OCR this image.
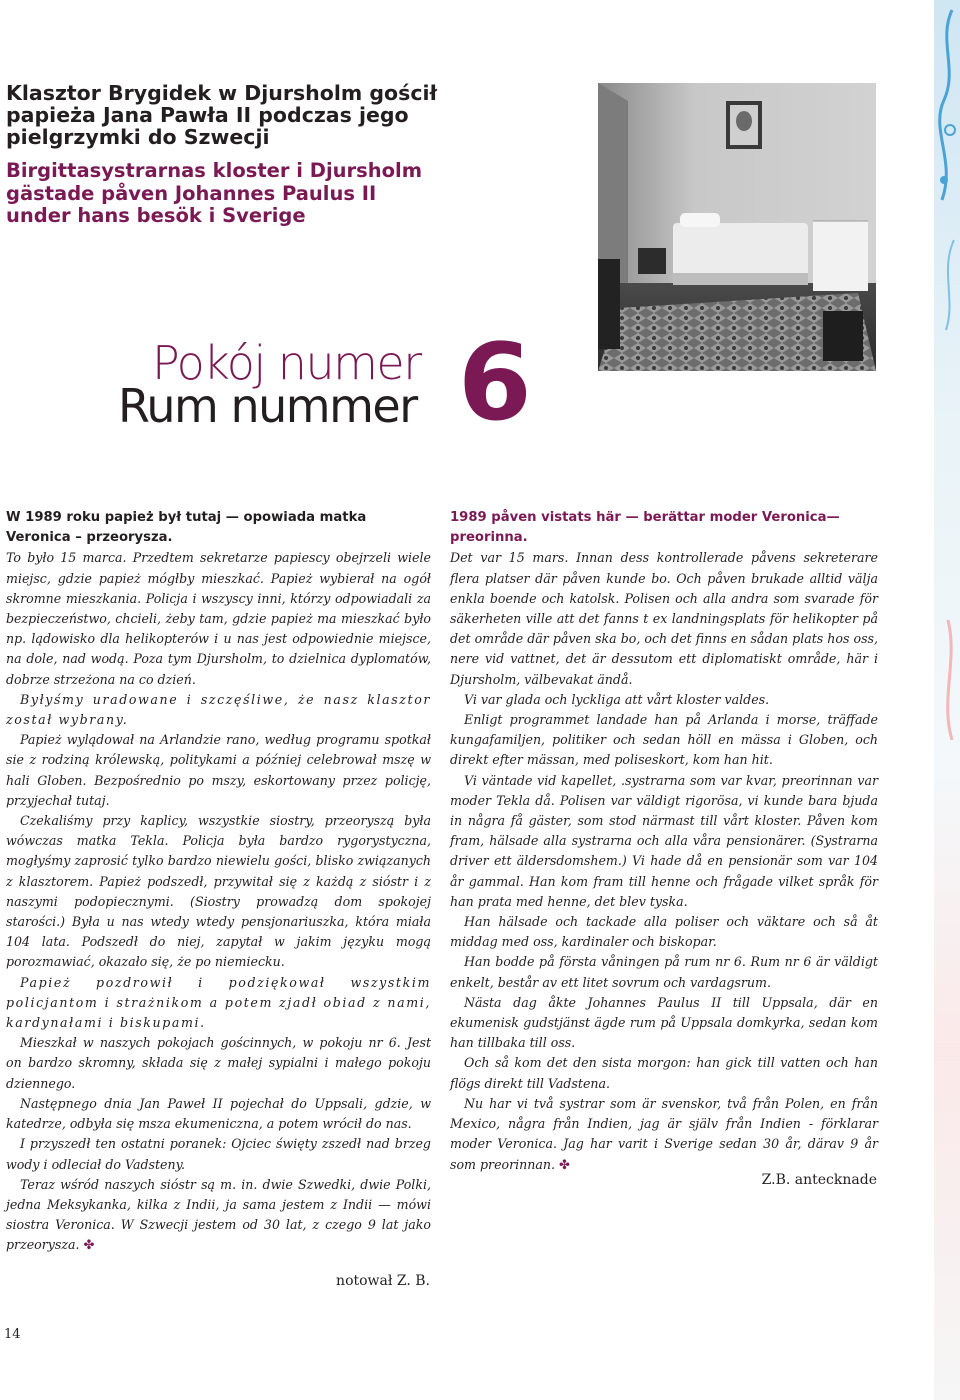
Klasztor Brygidek w Djursholm gościł papieża Jana Pawła II podczas jego pielgrzymki do Szwecji
Birgittasystrarnas kloster i Djursholm gästade påven Johannes Paulus II under hans besök i Sverige
Pokój numer
Rum nummer 6
W 1989 roku papież był tutaj — opowiada matka Veronica – przeorysza.

To było 15 marca. Przedtem sekretarze papiescy obejrzeli wiele miejsc, gdzie papież mógłby mieszkać. Papież wybierał na ogół skromne mieszkania. Policja i wszyscy inni, którzy odpowiadali za bezpieczeństwo, chcieli, żeby tam, gdzie papież ma mieszkać było np. lądowisko dla helikopterów i u nas jest odpowiednie miejsce, na dole, nad wodą. Poza tym Djursholm, to dzielnica dyplomatów, dobrze strzeżona na co dzień.

Byłyśmy uradowane i szczęśliwe, że nasz klasztor został wybrany.

Papież wylądował na Arlandzie rano, według programu spotkał sie z rodziną królewską, politykami a później celebrował mszę w hali Globen. Bezpośrednio po mszy, eskortowany przez policję, przyjechał tutaj.

Czekaliśmy przy kaplicy, wszystkie siostry, przeoryszą była wówczas matka Tekla. Policja była bardzo rygorystyczna, mogłyśmy zaprosić tylko bardzo niewielu gości, blisko związanych z klasztorem. Papież podszedł, przywitał się z każdą z sióstr i z naszymi podopiecznymi. (Siostry prowadzą dom spokojej starości.) Była u nas wtedy wtedy pensjonariuszka, która miała 104 lata. Podszedł do niej, zapytał w jakim języku mogą porozmawiać, okazało się, że po niemiecku.

Papież pozdrowił i podziękował wszystkim policjantom i strażnikom a potem zjadł obiad z nami, kardynałami i biskupami.

Mieszkał w naszych pokojach gościnnych, w pokoju nr 6. Jest on bardzo skromny, składa się z małej sypialni i małego pokoju dziennego.

Następnego dnia Jan Paweł II pojechał do Uppsali, gdzie, w katedrze, odbyła się msza ekumeniczna, a potem wrócił do nas.

I przyszedł ten ostatni poranek: Ojciec święty zszedł nad brzeg wody i odleciał do Vadsteny.

Teraz wśród naszych sióstr są m. in. dwie Szwedki, dwie Polki, jedna Meksykanka, kilka z Indii, ja sama jestem z Indii — mówi siostra Veronica. W Szwecji jestem od 30 lat, z czego 9 lat jako przeorysza. ✤

1989 påven vistats här — berättar moder Veronica— preorinna.

Det var 15 mars. Innan dess kontrollerade påvens sekreterare flera platser där påven kunde bo. Och påven brukade alltid välja enkla boende och katolsk. Polisen och alla andra som svarade för säkerheten ville att det fanns t ex landningsplats för helikopter på det område där påven ska bo, och det finns en sådan plats hos oss, nere vid vattnet, det är dessutom ett diplomatiskt område, här i Djursholm, välbevakat ändå.

Vi var glada och lyckliga att vårt kloster valdes.

Enligt programmet landade han på Arlanda i morse, träffade kungafamiljen, politiker och sedan höll en mässa i Globen, och direkt efter mässan, med poliseskort, kom han hit.

Vi väntade vid kapellet, .systrarna som var kvar, preorinnan var moder Tekla då. Polisen var väldigt rigorösa, vi kunde bara bjuda in några få gäster, som stod närmast till vårt kloster. Påven kom fram, hälsade alla systrarna och alla våra pensionärer. (Systrarna driver ett äldersdomshem.) Vi hade då en pensionär som var 104 år gammal. Han kom fram till henne och frågade vilket språk för han prata med henne, det blev tyska.

Han hälsade och tackade alla poliser och väktare och så åt middag med oss, kardinaler och biskopar.

Han bodde på första våningen på rum nr 6. Rum nr 6 är väldigt enkelt, består av ett litet sovrum och vardagsrum.

Nästa dag åkte Johannes Paulus II till Uppsala, där en ekumenisk gudstjänst ägde rum på Uppsala domkyrka, sedan kom han tillbaka till oss.

Och så kom det den sista morgon: han gick till vatten och han flögs direkt till Vadstena.

Nu har vi två systrar som är svenskor, två från Polen, en från Mexico, några från Indien, jag är själv från Indien - förklarar moder Veronica. Jag har varit i Sverige sedan 30 år, därav 9 år som preorinnan. ✤

Z.B. antecknade
notował Z. B.
14
